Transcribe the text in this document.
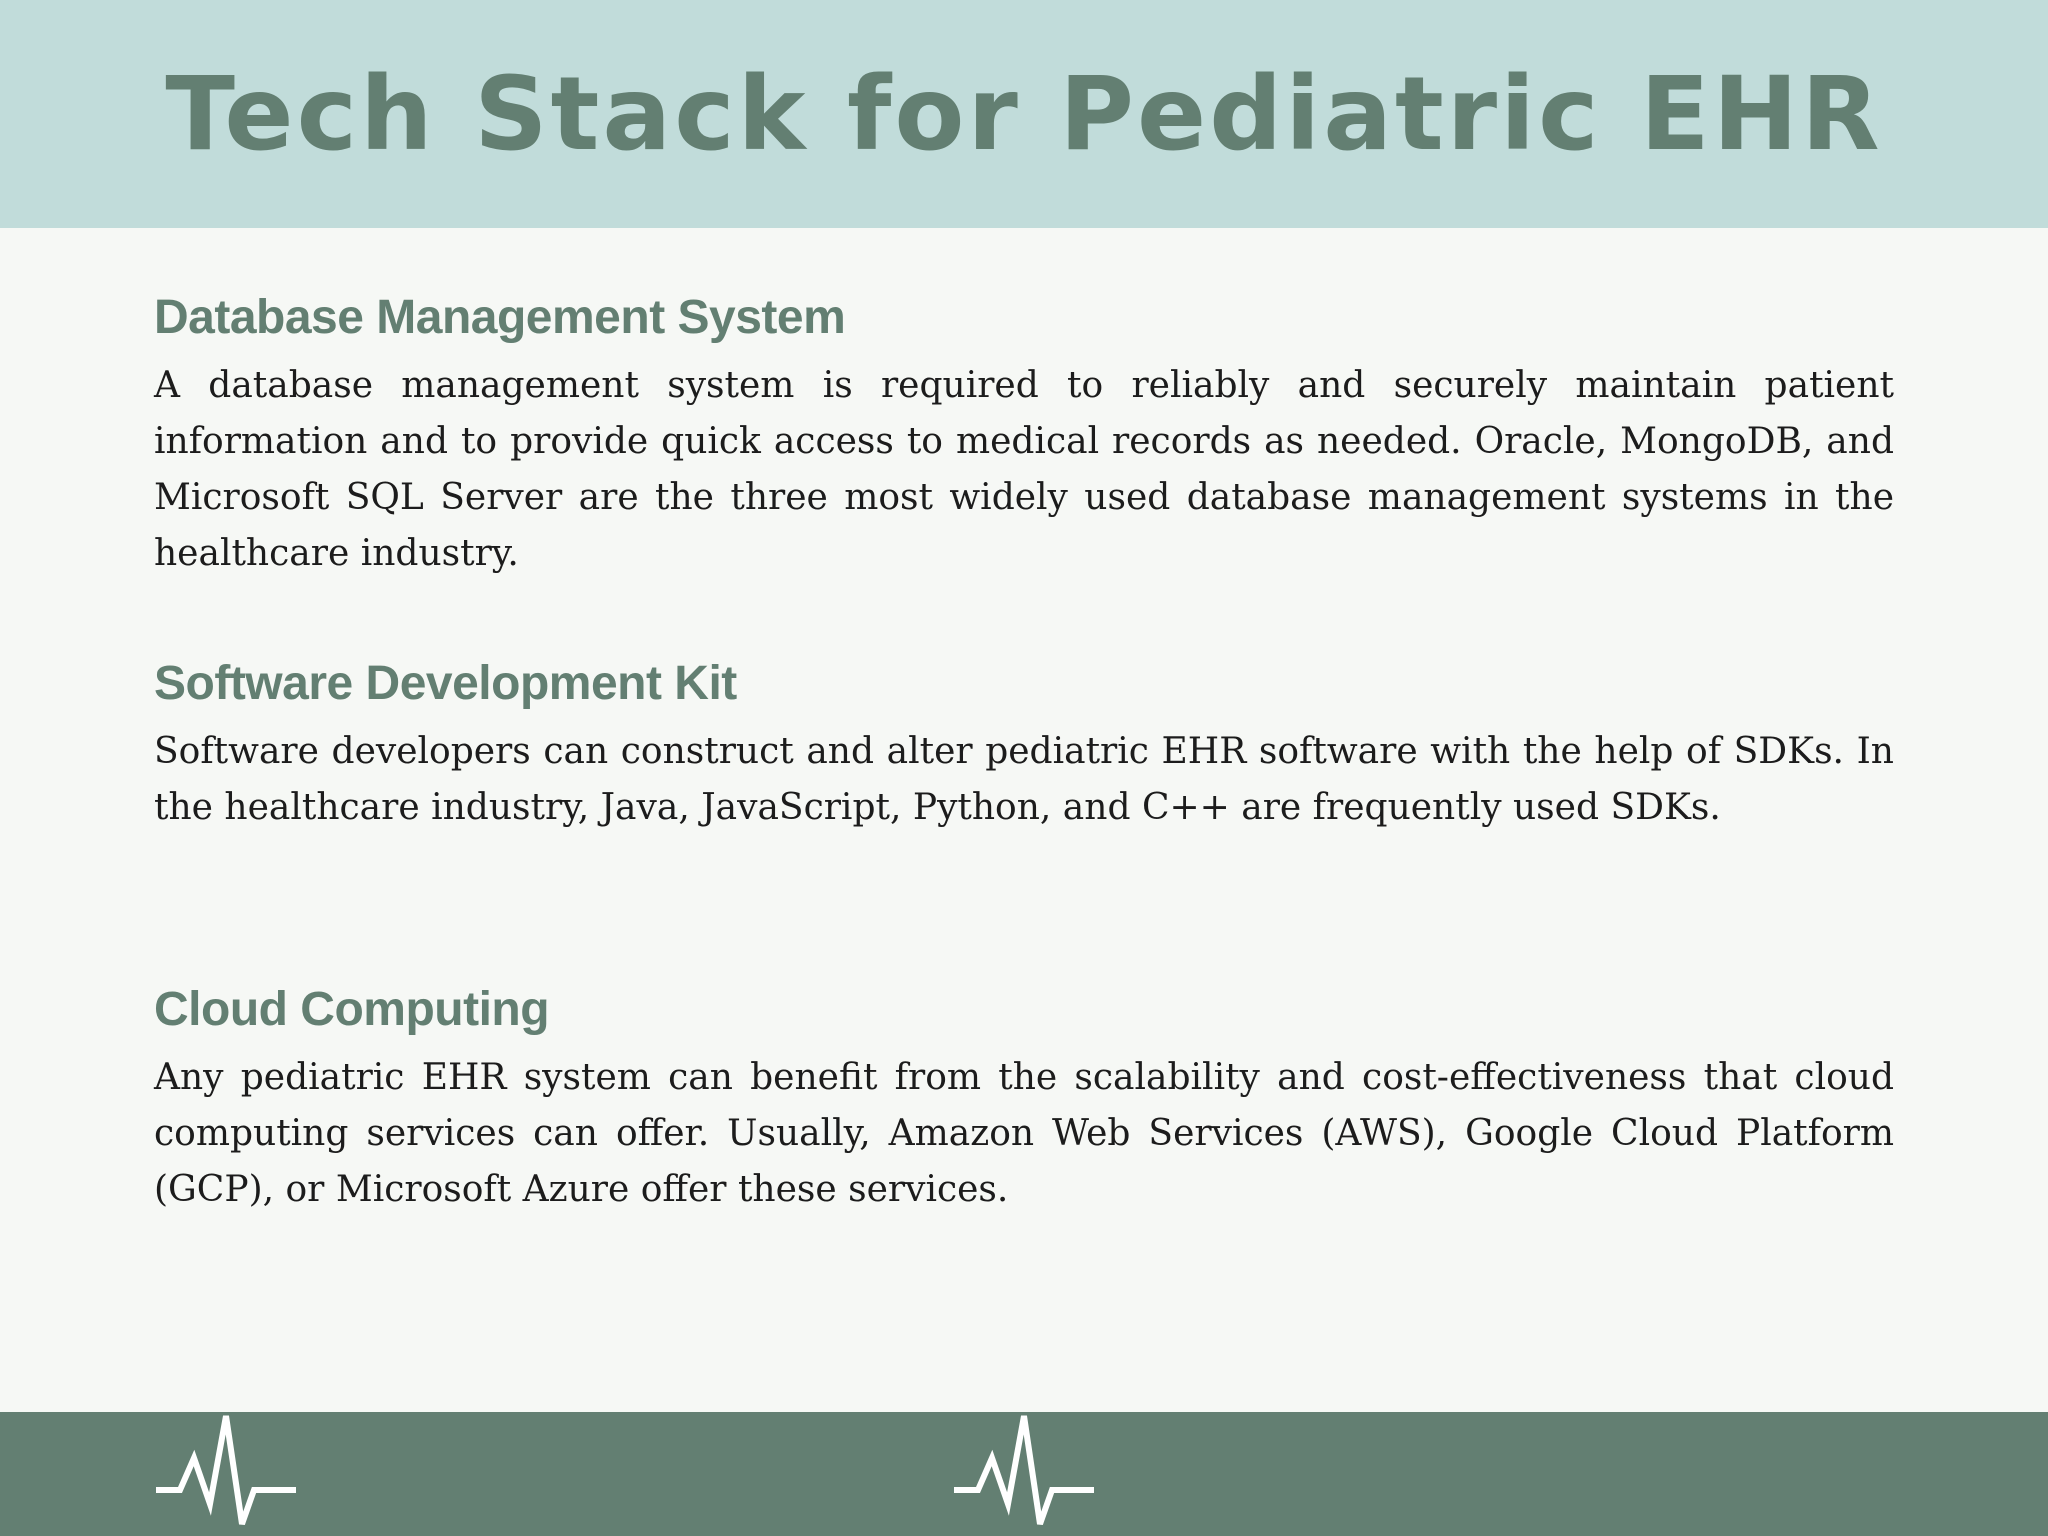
Tech Stack for Pediatric EHR
Database Management System

A database management system is required to reliably and securely maintain patient information and to provide quick access to medical records as needed. Oracle, MongoDB, and Microsoft SQL Server are the three most widely used database management systems in the healthcare industry.

Software Development Kit

Software developers can construct and alter pediatric EHR software with the help of SDKs. In the healthcare industry, Java, JavaScript, Python, and C++ are frequently used SDKs.

Cloud Computing

Any pediatric EHR system can benefit from the scalability and cost-effectiveness that cloud computing services can offer. Usually, Amazon Web Services (AWS), Google Cloud Platform (GCP), or Microsoft Azure offer these services.
